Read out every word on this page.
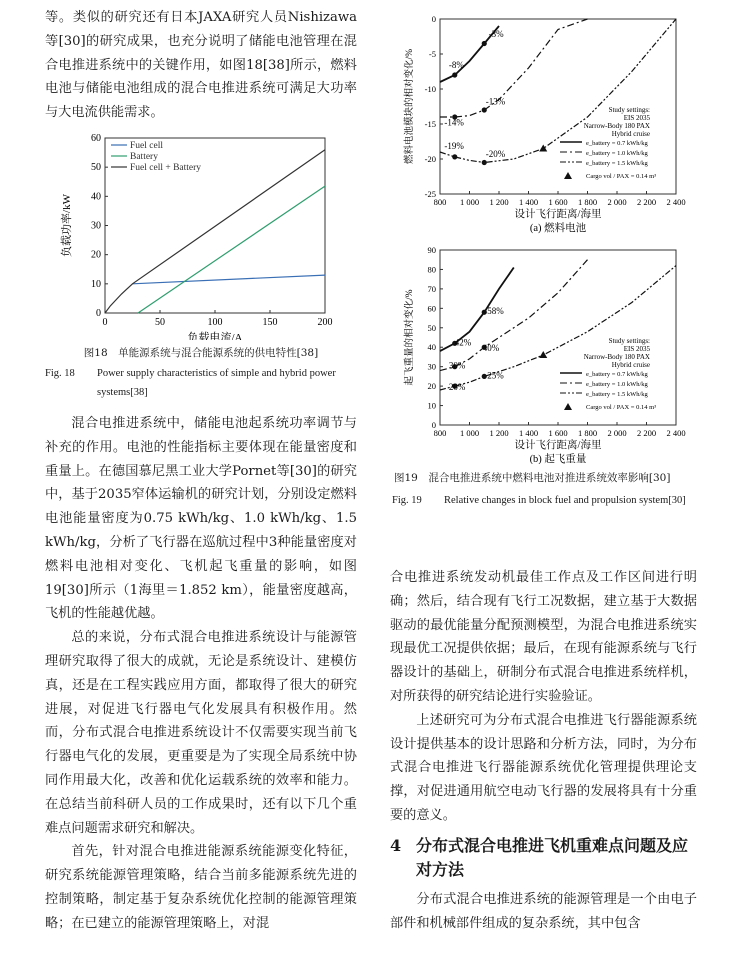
等。类似的研究还有日本JAXA研究人员Nishizawa等[30]的研究成果，也充分说明了储能电池管理在混合电推进系统中的关键作用，如图18[38]所示，燃料电池与储能电池组成的混合电推进系统可满足大功率与大电流供能需求。

0	50	100	150	200
0
10
20
30
40
50
60
Fuel cell
Battery
Fuel cell + Battery
负载电流/A
负载功率/kW

图18　单能源系统与混合能源系统的供电特性[38]

Fig. 18	Power supply characteristics of simple and hybrid power systems[38]

混合电推进系统中，储能电池起系统功率调节与补充的作用。电池的性能指标主要体现在能量密度和重量上。在德国慕尼黑工业大学Pornet等[30]的研究中，基于2035窄体运输机的研究计划，分别设定燃料电池能量密度为0.75 kWh/kg、1.0 kWh/kg、1.5 kWh/kg，分析了飞行器在巡航过程中3种能量密度对燃料电池相对变化、飞机起飞重量的影响，如图19[30]所示（1海里＝1.852 km），能量密度越高，飞机的性能越优越。

总的来说，分布式混合电推进系统设计与能源管理研究取得了很大的成就，无论是系统设计、建模仿真，还是在工程实践应用方面，都取得了很大的研究进展，对促进飞行器电气化发展具有积极作用。然而，分布式混合电推进系统设计不仅需要实现当前飞行器电气化的发展，更重要是为了实现全局系统中协同作用最大化，改善和优化运载系统的效率和能力。在总结当前科研人员的工作成果时，还有以下几个重难点问题需求研究和解决。

首先，针对混合电推进能源系统能源变化特征，研究系统能源管理策略，结合当前多能源系统先进的控制策略，制定基于复杂系统优化控制的能源管理策略；在已建立的能源管理策略上，对混

800 1 000 1 200 1 400 1 600 1 800 2 000 2 200 2 400
-25
-20
-15
-10
-5
0
-3%
-8%
-13%
-14%
-19%
-20%
Study settings:
EIS 2035
Narrow-Body 180 PAX
Hybrid cruise
e_battery = 0.7 kWh/kg
e_battery = 1.0 kWh/kg
e_battery = 1.5 kWh/kg
Cargo vol / PAX = 0.14 m³
设计飞行距离/海里
(a) 燃料电池
燃料电池模块的相对变化/%
800 1 000 1 200 1 400 1 600 1 800 2 000 2 200 2 400
0
10
20
30
40
50
60
70
80
90
58%
42%
40%
30%
25%
20%
Study settings:
EIS 2035
Narrow-Body 180 PAX
Hybrid cruise
e_battery = 0.7 kWh/kg
e_battery = 1.0 kWh/kg
e_battery = 1.5 kWh/kg
Cargo vol / PAX = 0.14 m³
设计飞行距离/海里
(b) 起飞重量
起飞重量的相对变化/%

图19　混合电推进系统中燃料电池对推进系统效率影响[30]

Fig. 19	Relative changes in block fuel and propulsion system[30]

合电推进系统发动机最佳工作点及工作区间进行明确；然后，结合现有飞行工况数据，建立基于大数据驱动的最优能量分配预测模型，为混合电推进系统实现最优工况提供依据；最后，在现有能源系统与飞行器设计的基础上，研制分布式混合电推进系统样机，对所获得的研究结论进行实验验证。

上述研究可为分布式混合电推进飞行器能源系统设计提供基本的设计思路和分析方法，同时，为分布式混合电推进飞行器能源系统优化管理提供理论支撑，对促进通用航空电动飞行器的发展将具有十分重要的意义。

4 分布式混合电推进飞机重难点问题及应对方法

分布式混合电推进系统的能源管理是一个由电子部件和机械部件组成的复杂系统，其中包含
